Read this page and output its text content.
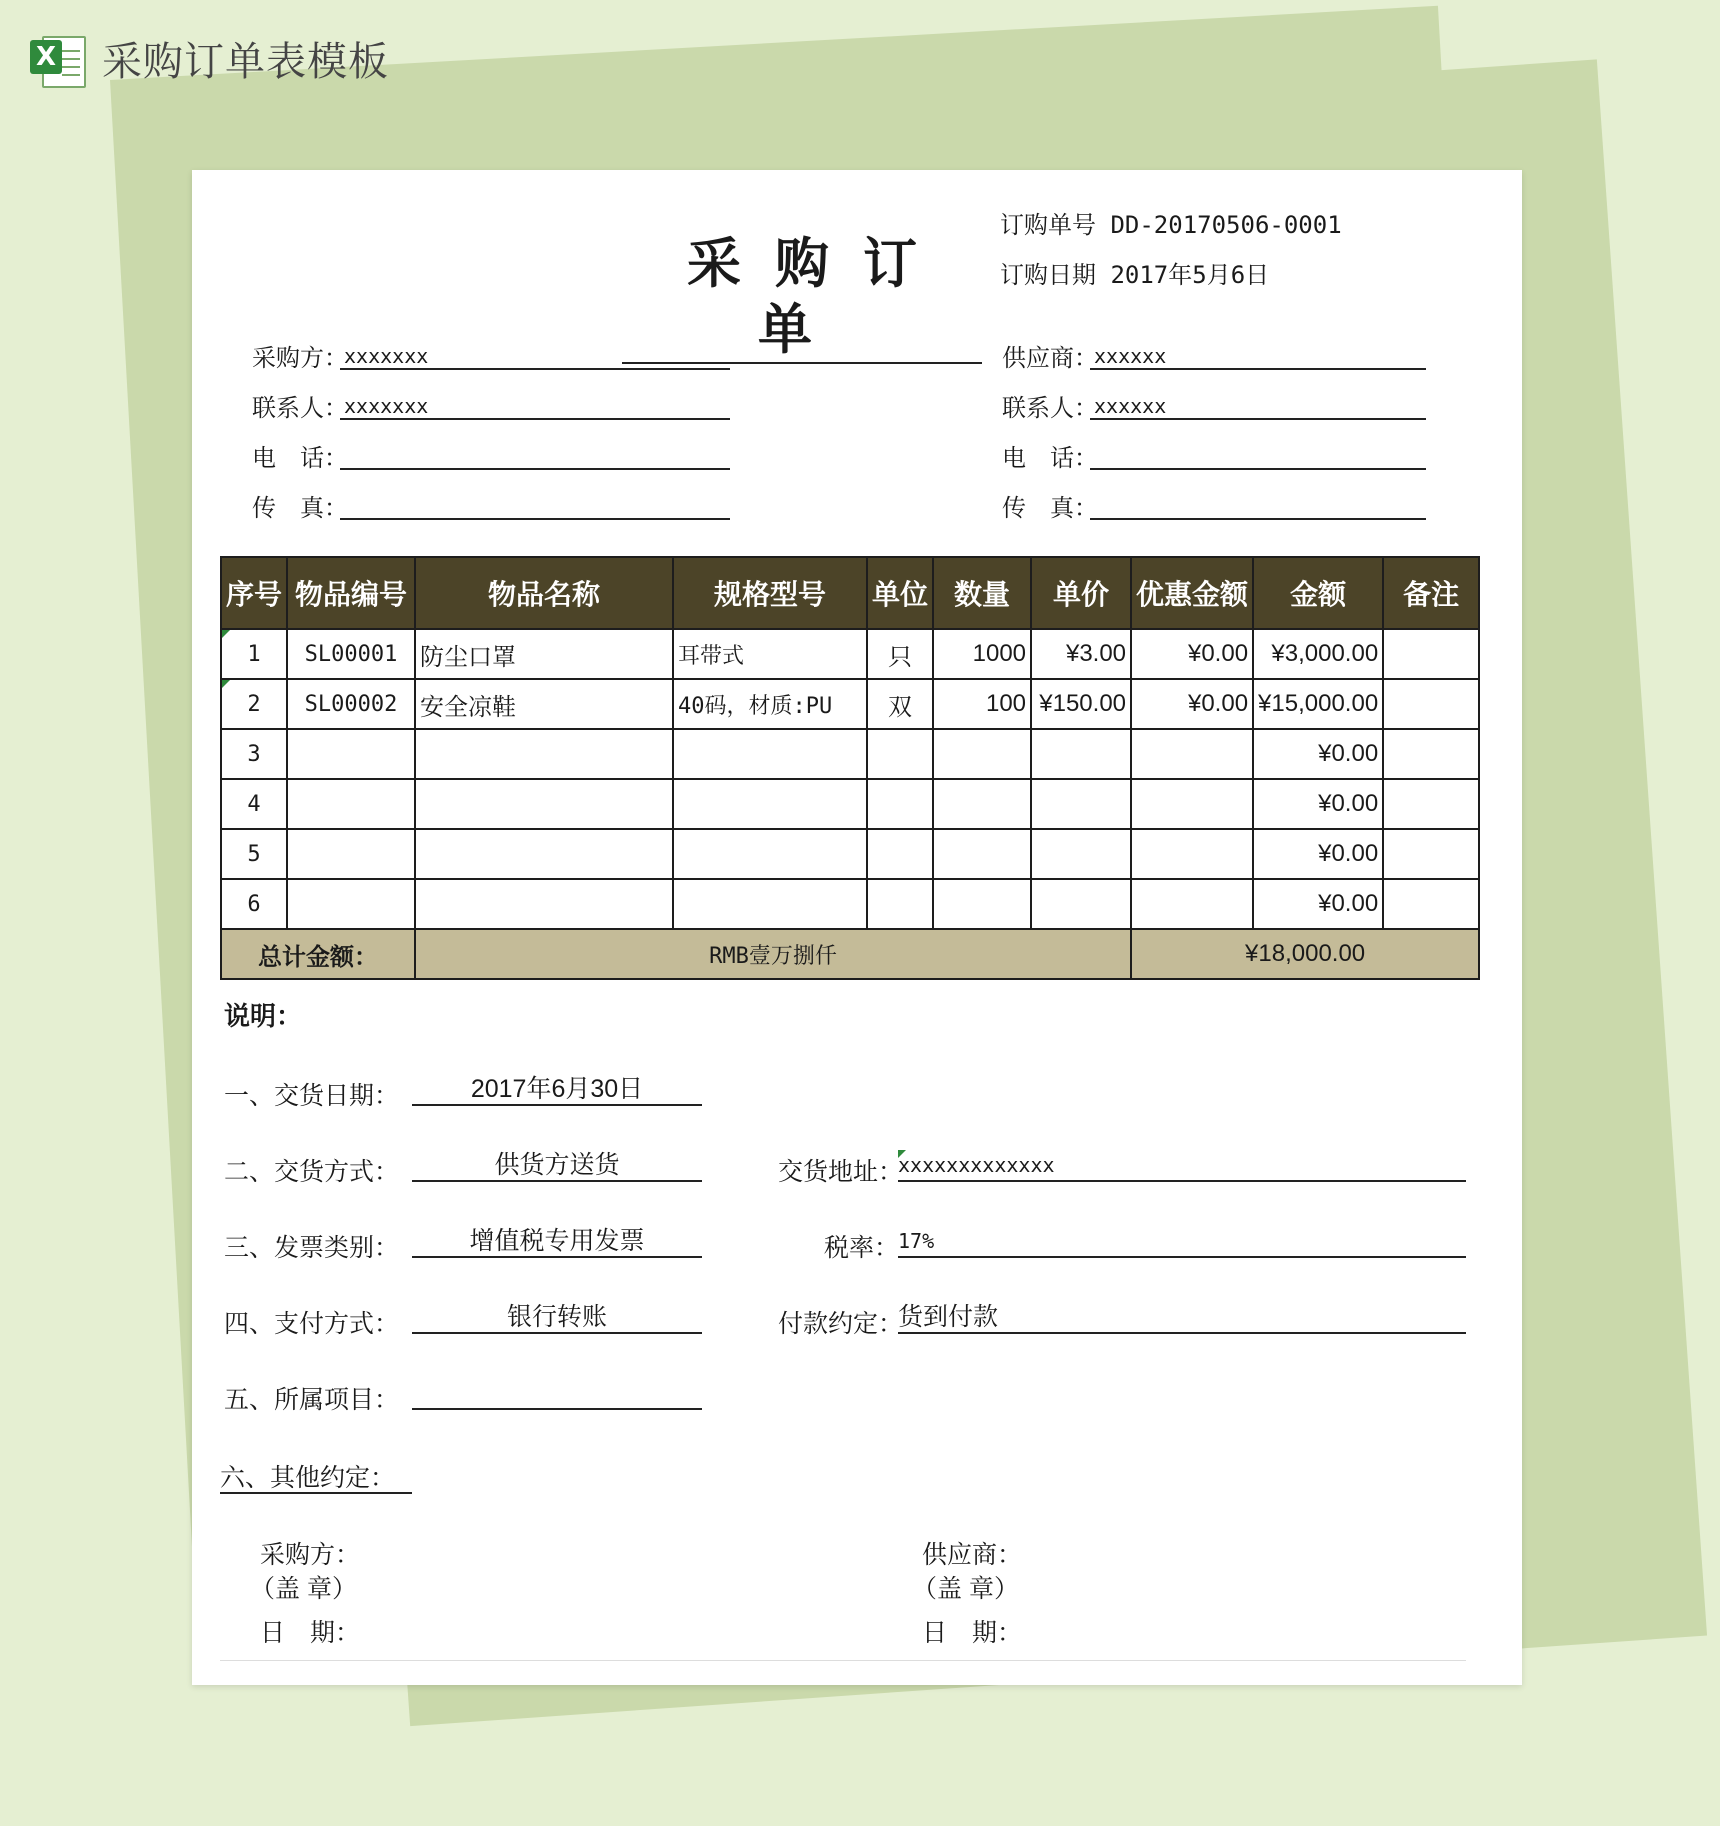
X 采购订单表模板
采购订单
订购单号 DD-20170506-0001
订购日期 2017年5月6日
采购方：
xxxxxxx
联系人：
xxxxxxx
电　话：
传　真：
供应商：
xxxxxx
联系人：
xxxxxx
电　话：
传　真：
序号	物品编号	物品名称	规格型号	单位	数量	单价	优惠金额	金额	备注
1	SL00001	防尘口罩	耳带式	只	1000	¥3.00	¥0.00	¥3,000.00	
2	SL00002	安全凉鞋	40码，材质:PU	双	100	¥150.00	¥0.00	¥15,000.00	
3								¥0.00	
4								¥0.00	
5								¥0.00	
6								¥0.00	
总计金额：		RMB壹万捌仟					¥18,000.00		
说明：
一、交货日期：	2017年6月30日
二、交货方式：	供货方送货	交货地址：
xxxxxxxxxxxxx
三、发票类别：	增值税专用发票	税率：
17%
四、支付方式：	银行转账	付款约定：
货到付款
五、所属项目：
六、其他约定：
采购方：
（盖 章）
日　期：
供应商：
（盖 章）
日　期：
